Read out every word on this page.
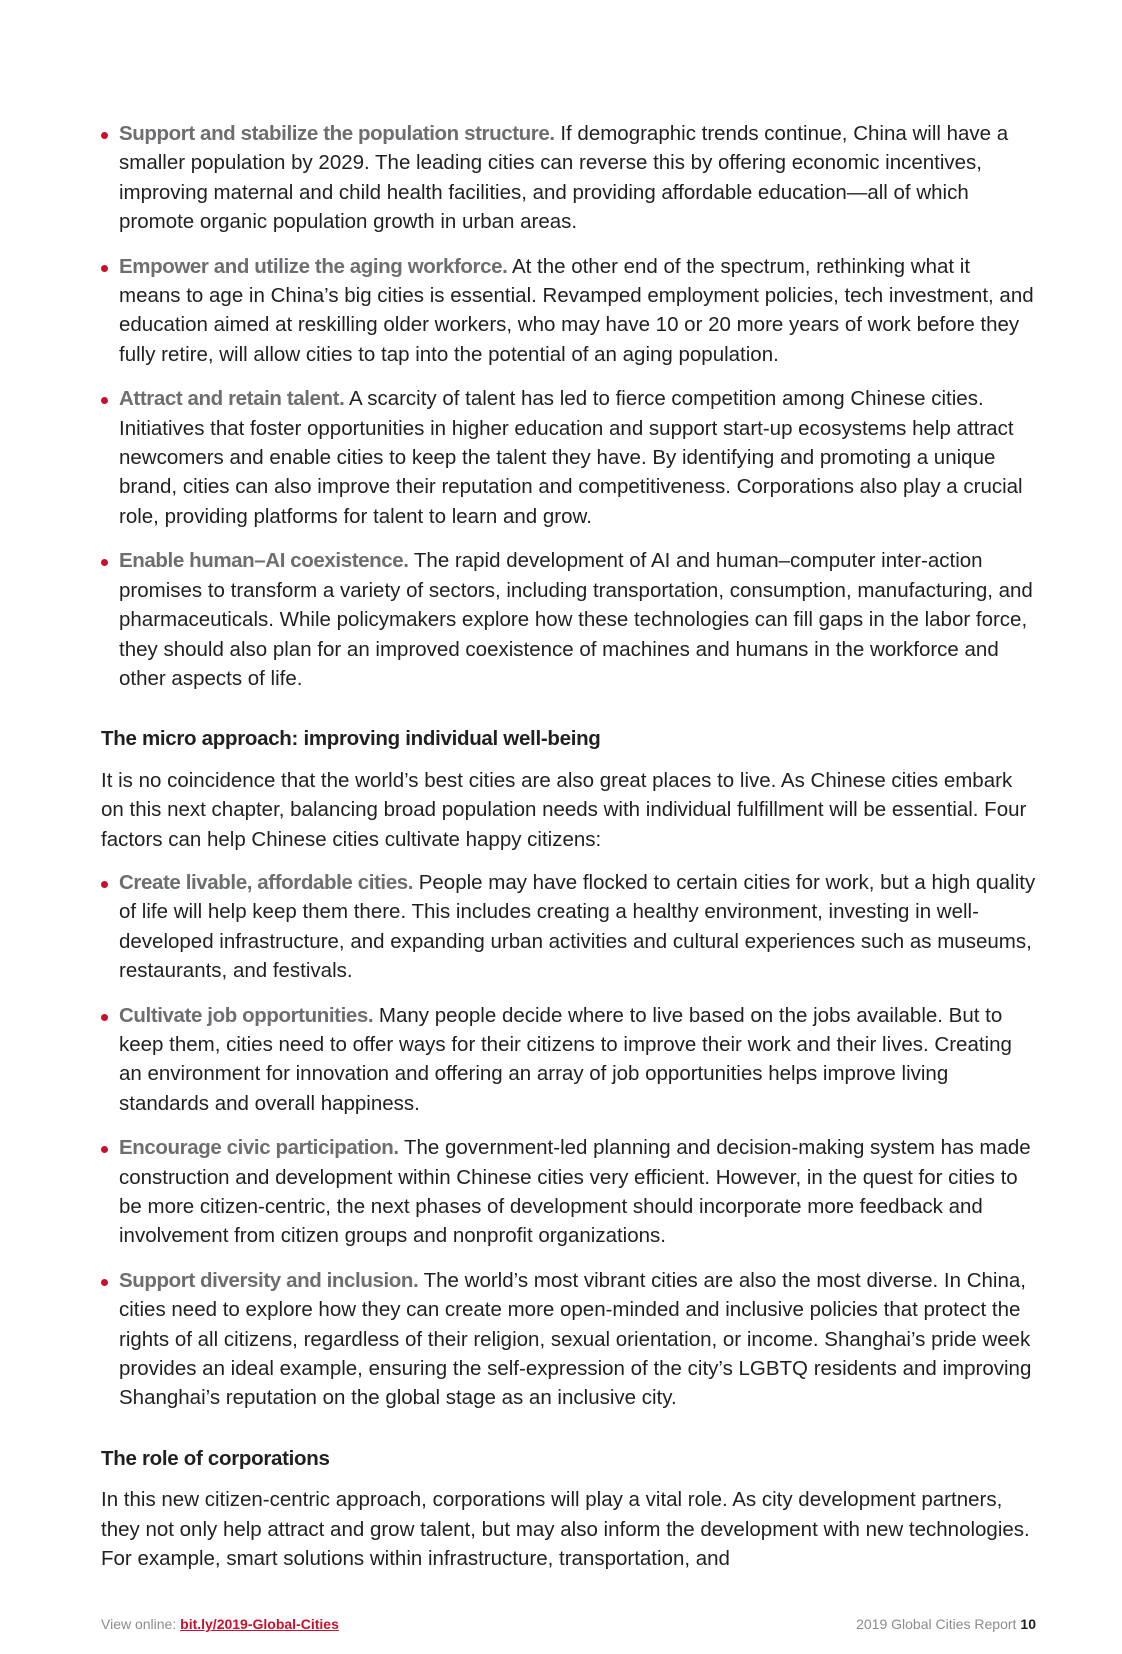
Support and stabilize the population structure. If demographic trends continue, China will have a smaller population by 2029. The leading cities can reverse this by offering economic incentives, improving maternal and child health facilities, and providing affordable education—all of which promote organic population growth in urban areas.
Empower and utilize the aging workforce. At the other end of the spectrum, rethinking what it means to age in China’s big cities is essential. Revamped employment policies, tech investment, and education aimed at reskilling older workers, who may have 10 or 20 more years of work before they fully retire, will allow cities to tap into the potential of an aging population.
Attract and retain talent. A scarcity of talent has led to fierce competition among Chinese cities. Initiatives that foster opportunities in higher education and support start-up ecosystems help attract newcomers and enable cities to keep the talent they have. By identifying and promoting a unique brand, cities can also improve their reputation and competitiveness. Corporations also play a crucial role, providing platforms for talent to learn and grow.
Enable human–AI coexistence. The rapid development of AI and human–computer inter-action promises to transform a variety of sectors, including transportation, consumption, manufacturing, and pharmaceuticals. While policymakers explore how these technologies can fill gaps in the labor force, they should also plan for an improved coexistence of machines and humans in the workforce and other aspects of life.
The micro approach: improving individual well-being

It is no coincidence that the world’s best cities are also great places to live. As Chinese cities embark on this next chapter, balancing broad population needs with individual fulfillment will be essential. Four factors can help Chinese cities cultivate happy citizens:

Create livable, affordable cities. People may have flocked to certain cities for work, but a high quality of life will help keep them there. This includes creating a healthy environment, investing in well-developed infrastructure, and expanding urban activities and cultural experiences such as museums, restaurants, and festivals.
Cultivate job opportunities. Many people decide where to live based on the jobs available. But to keep them, cities need to offer ways for their citizens to improve their work and their lives. Creating an environment for innovation and offering an array of job opportunities helps improve living standards and overall happiness.
Encourage civic participation. The government-led planning and decision-making system has made construction and development within Chinese cities very efficient. However, in the quest for cities to be more citizen-centric, the next phases of development should incorporate more feedback and involvement from citizen groups and nonprofit organizations.
Support diversity and inclusion. The world’s most vibrant cities are also the most diverse. In China, cities need to explore how they can create more open-minded and inclusive policies that protect the rights of all citizens, regardless of their religion, sexual orientation, or income. Shanghai’s pride week provides an ideal example, ensuring the self-expression of the city’s LGBTQ residents and improving Shanghai’s reputation on the global stage as an inclusive city.
The role of corporations

In this new citizen-centric approach, corporations will play a vital role. As city development partners, they not only help attract and grow talent, but may also inform the development with new technologies. For example, smart solutions within infrastructure, transportation, and

View online: bit.ly/2019-Global-Cities	2019 Global Cities Report 10
